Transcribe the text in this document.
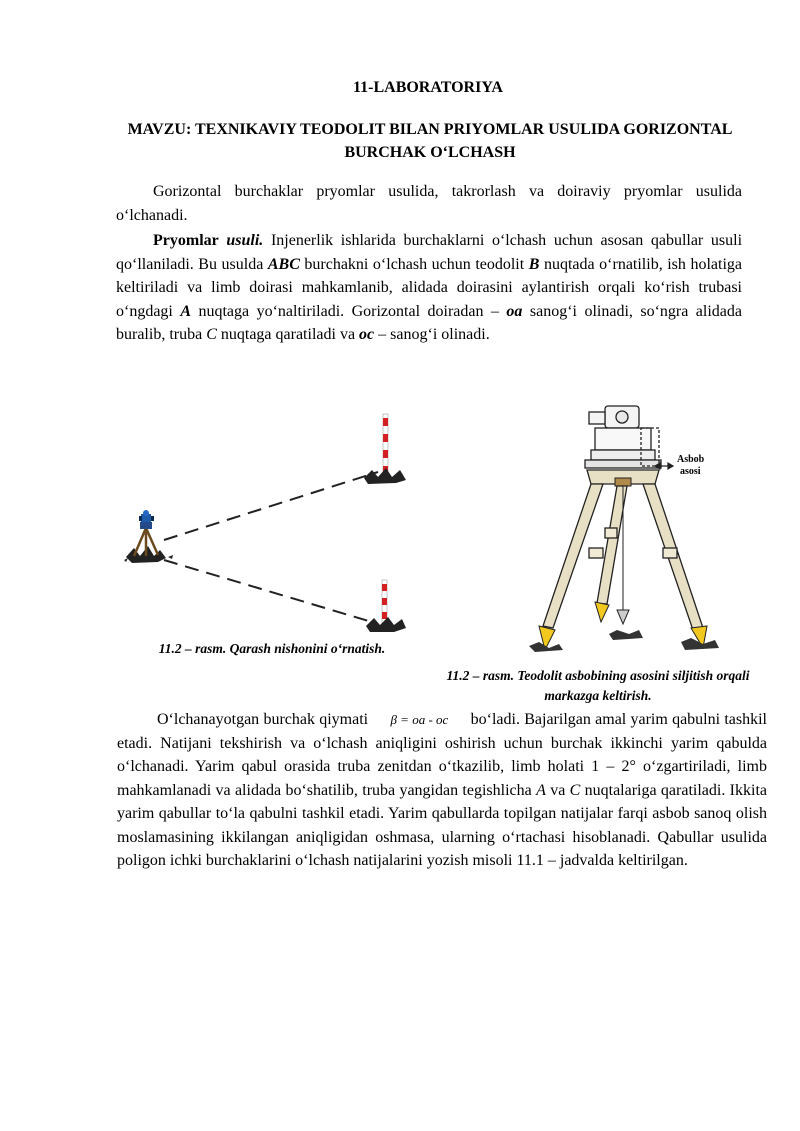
11-LABORATORIYA
MAVZU: TEXNIKAVIY TEODOLIT BILAN PRIYOMLAR USULIDA GORIZONTAL BURCHAK O‘LCHASH

Gorizontal burchaklar pryomlar usulida, takrorlash va doiraviy pryomlar usulida o‘lchanadi.

Pryomlar usuli. Injenerlik ishlarida burchaklarni o‘lchash uchun asosan qabullar usuli qo‘llaniladi. Bu usulda ABC burchakni o‘lchash uchun teodolit B nuqtada o‘rnatilib, ish holatiga keltiriladi va limb doirasi mahkamlanib, alidada doirasini aylantirish orqali ko‘rish trubasi o‘ngdagi A nuqtaga yo‘naltiriladi. Gorizontal doiradan – oa sanog‘i olinadi, so‘ngra alidada buralib, truba C nuqtaga qaratiladi va oc – sanog‘i olinadi.

11.2 – rasm. Qarash nishonini o‘rnatish.
Asbob
asosi
11.2 – rasm. Teodolit asbobining asosini siljitish orqali markazga keltirish.

O‘lchanayotgan burchak qiymati β = oa - oc bo‘ladi. Bajarilgan amal yarim qabulni tashkil etadi. Natijani tekshirish va o‘lchash aniqligini oshirish uchun burchak ikkinchi yarim qabulda o‘lchanadi. Yarim qabul orasida truba zenitdan o‘tkazilib, limb holati 1 – 2° o‘zgartiriladi, limb mahkamlanadi va alidada bo‘shatilib, truba yangidan tegishlicha A va C nuqtalariga qaratiladi. Ikkita yarim qabullar to‘la qabulni tashkil etadi. Yarim qabullarda topilgan natijalar farqi asbob sanoq olish moslamasining ikkilangan aniqligidan oshmasa, ularning o‘rtachasi hisoblanadi. Qabullar usulida poligon ichki burchaklarini o‘lchash natijalarini yozish misoli 11.1 – jadvalda keltirilgan.
